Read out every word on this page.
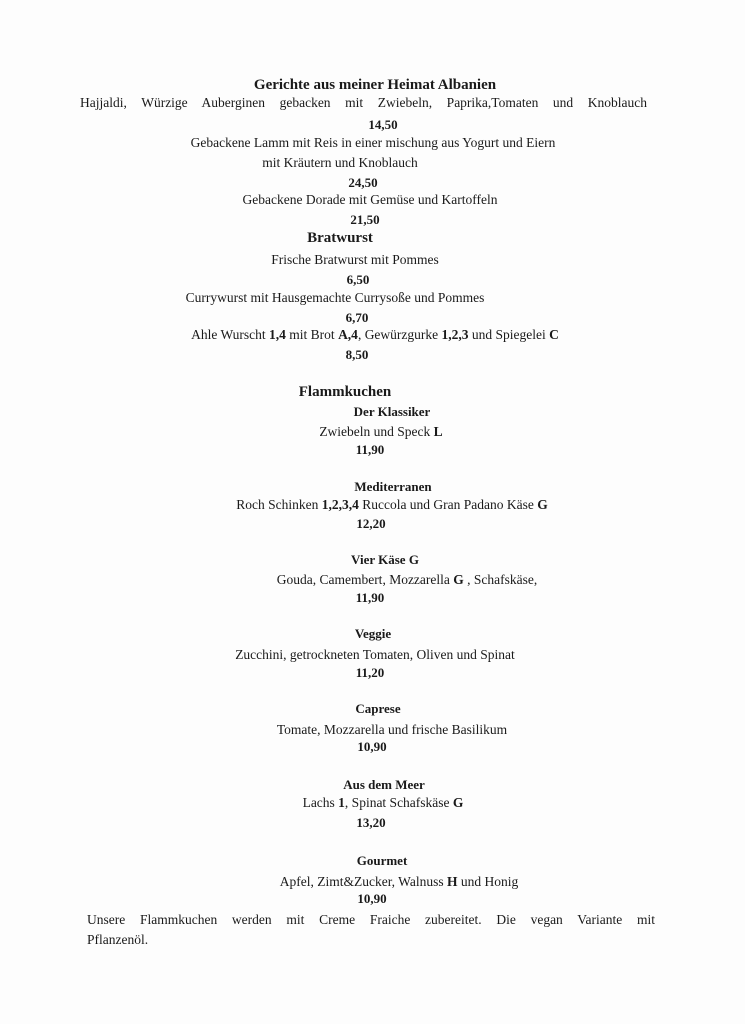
Gerichte aus meiner Heimat Albanien
Hajjaldi, Würzige Auberginen gebacken mit Zwiebeln, Paprika,Tomaten und Knoblauch
14,50
Gebackene Lamm mit Reis in einer mischung aus Yogurt und Eiern
mit Kräutern und Knoblauch
24,50
Gebackene Dorade mit Gemüse und Kartoffeln
21,50
Bratwurst
Frische Bratwurst mit Pommes
6,50
Currywurst mit Hausgemachte Currysoße und Pommes
6,70
Ahle Wurscht 1,4 mit Brot A,4, Gewürzgurke 1,2,3 und Spiegelei C
8,50
Flammkuchen
Der Klassiker
Zwiebeln und Speck L
11,90
Mediterranen
Roch Schinken 1,2,3,4 Ruccola und Gran Padano Käse G
12,20
Vier Käse G
Gouda, Camembert, Mozzarella G , Schafskäse,
11,90
Veggie
Zucchini, getrockneten Tomaten, Oliven und Spinat
11,20
Caprese
Tomate, Mozzarella und frische Basilikum
10,90
Aus dem Meer
Lachs 1, Spinat Schafskäse G
13,20
Gourmet
Apfel, Zimt&Zucker, Walnuss H und Honig
10,90
Unsere Flammkuchen werden mit Creme Fraiche zubereitet. Die vegan Variante mit
Pflanzenöl.
